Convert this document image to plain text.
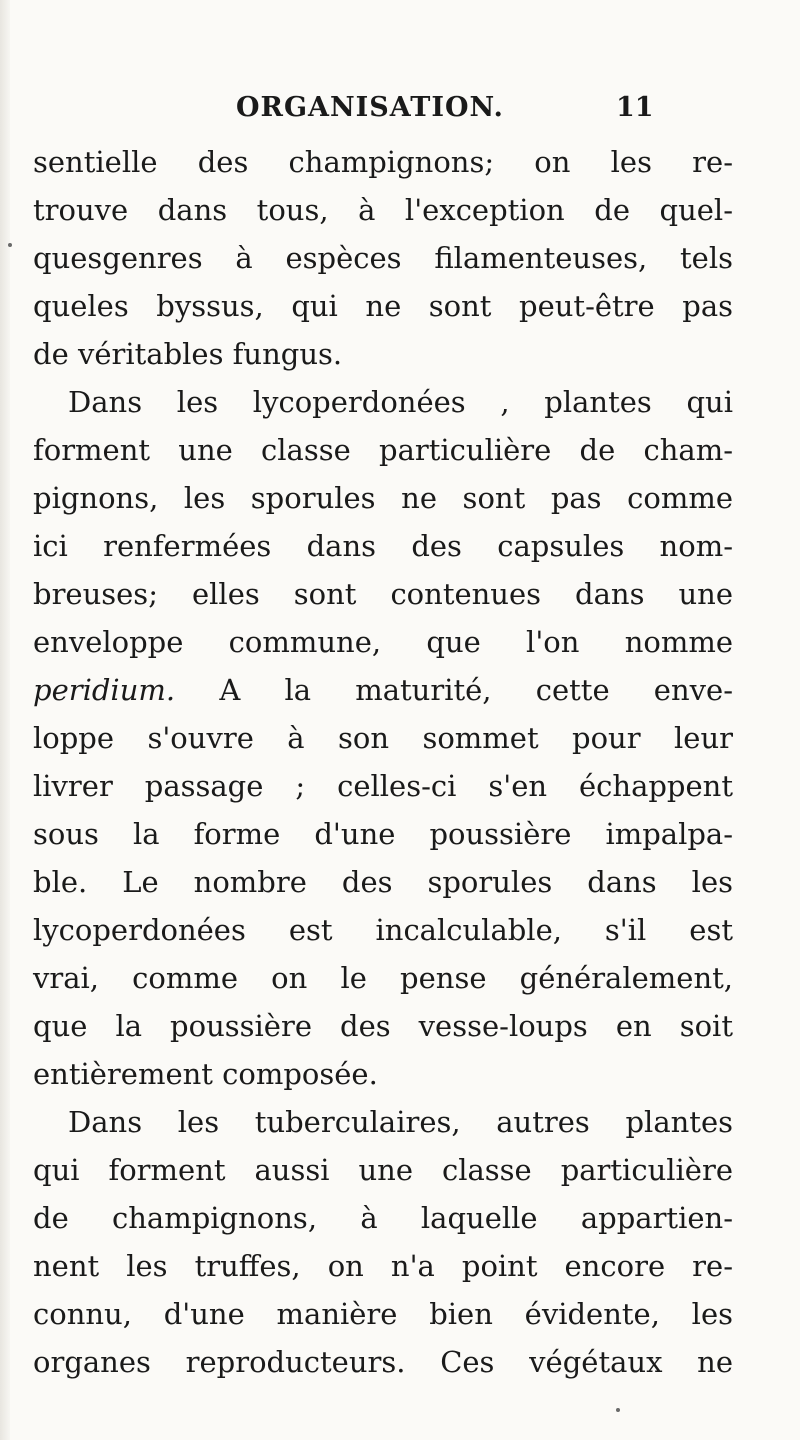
ORGANISATION.	11
sentielle des champignons; on les re-
trouve dans tous, à l'exception de quel-
quesgenres à espèces filamenteuses, tels
queles byssus, qui ne sont peut-être pas
de véritables fungus.
Dans les lycoperdonées , plantes qui
forment une classe particulière de cham-
pignons, les sporules ne sont pas comme
ici renfermées dans des capsules nom-
breuses; elles sont contenues dans une
enveloppe commune, que l'on nomme
peridium. A la maturité, cette enve-
loppe s'ouvre à son sommet pour leur
livrer passage ; celles-ci s'en échappent
sous la forme d'une poussière impalpa-
ble. Le nombre des sporules dans les
lycoperdonées est incalculable, s'il est
vrai, comme on le pense généralement,
que la poussière des vesse-loups en soit
entièrement composée.
Dans les tuberculaires, autres plantes
qui forment aussi une classe particulière
de champignons, à laquelle appartien-
nent les truffes, on n'a point encore re-
connu, d'une manière bien évidente, les
organes reproducteurs. Ces végétaux ne
